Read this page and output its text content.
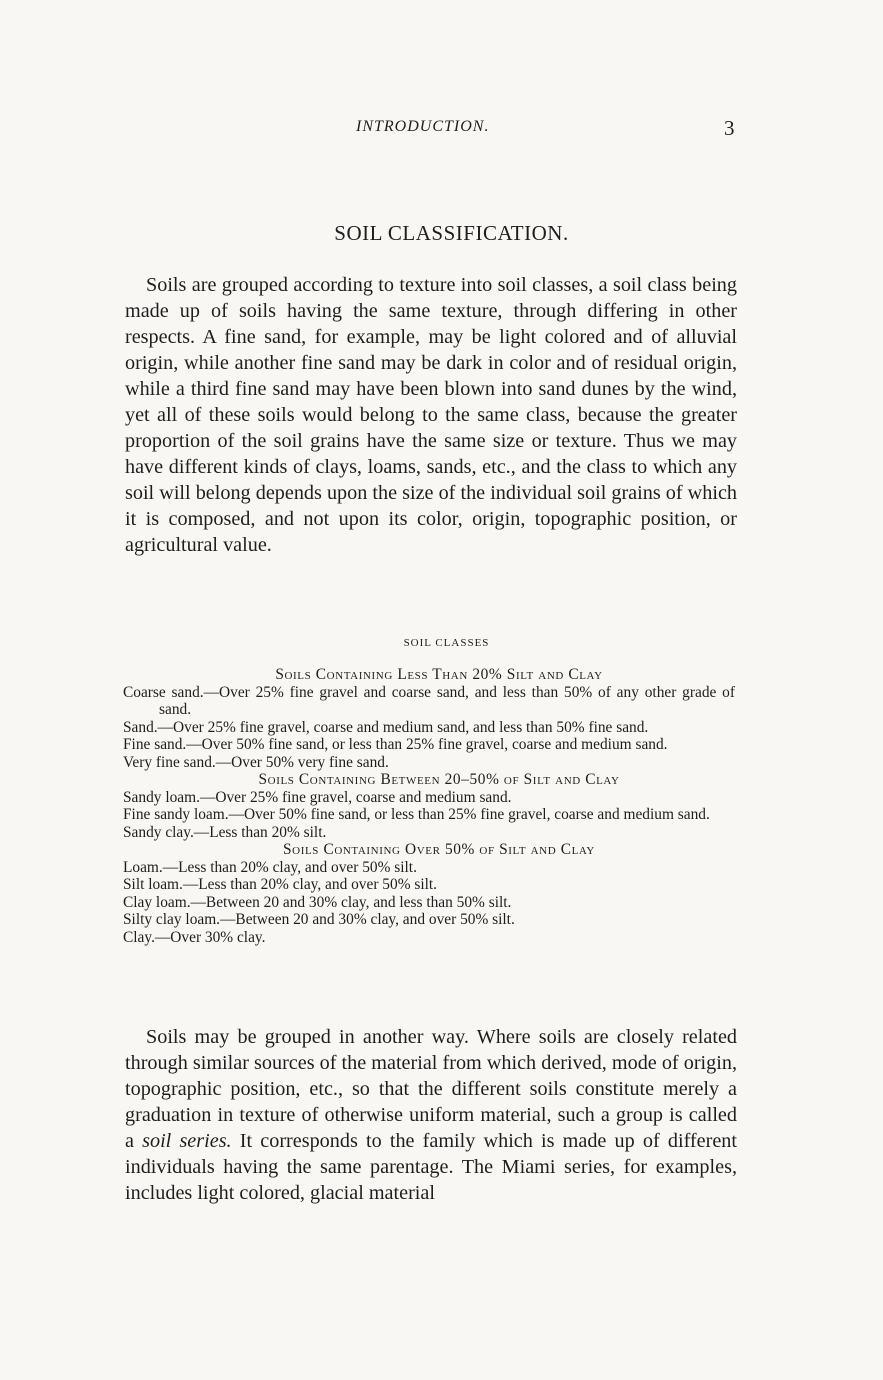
INTRODUCTION.	3
SOIL CLASSIFICATION.

Soils are grouped according to texture into soil classes, a soil class being made up of soils having the same texture, through differing in other respects. A fine sand, for example, may be light colored and of alluvial origin, while another fine sand may be dark in color and of residual origin, while a third fine sand may have been blown into sand dunes by the wind, yet all of these soils would belong to the same class, because the greater proportion of the soil grains have the same size or texture. Thus we may have different kinds of clays, loams, sands, etc., and the class to which any soil will belong depends upon the size of the individual soil grains of which it is composed, and not upon its color, origin, topographic position, or agricultural value.

SOIL CLASSES
Soils Containing Less Than 20% Silt and Clay
Coarse sand.—Over 25% fine gravel and coarse sand, and less than 50% of any other grade of sand.
Sand.—Over 25% fine gravel, coarse and medium sand, and less than 50% fine sand.
Fine sand.—Over 50% fine sand, or less than 25% fine gravel, coarse and medium sand.
Very fine sand.—Over 50% very fine sand.
Soils Containing Between 20–50% of Silt and Clay
Sandy loam.—Over 25% fine gravel, coarse and medium sand.
Fine sandy loam.—Over 50% fine sand, or less than 25% fine gravel, coarse and medium sand.
Sandy clay.—Less than 20% silt.
Soils Containing Over 50% of Silt and Clay
Loam.—Less than 20% clay, and over 50% silt.
Silt loam.—Less than 20% clay, and over 50% silt.
Clay loam.—Between 20 and 30% clay, and less than 50% silt.
Silty clay loam.—Between 20 and 30% clay, and over 50% silt.
Clay.—Over 30% clay.

Soils may be grouped in another way. Where soils are closely related through similar sources of the material from which derived, mode of origin, topographic position, etc., so that the different soils constitute merely a graduation in texture of otherwise uniform material, such a group is called a soil series. It corresponds to the family which is made up of different individuals having the same parentage. The Miami series, for examples, includes light colored, glacial material
